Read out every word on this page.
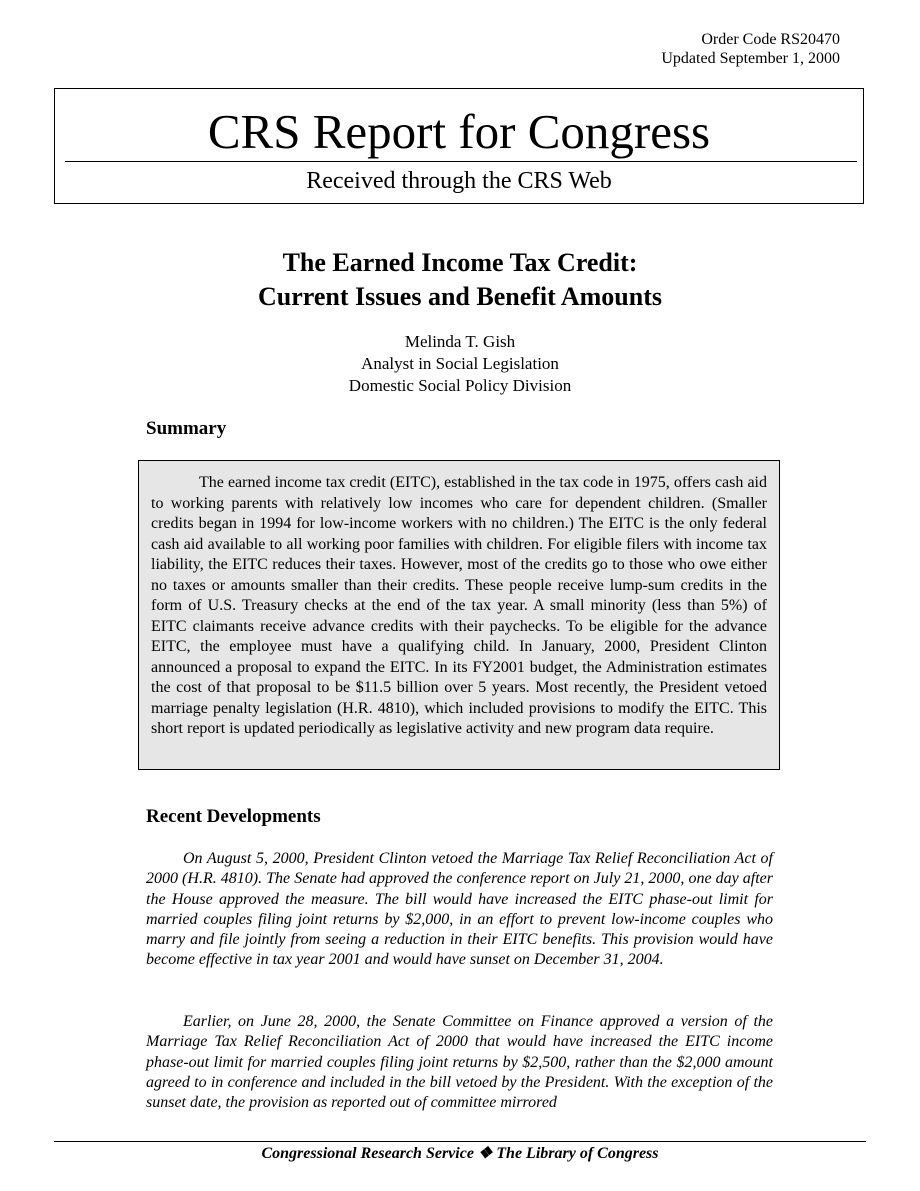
Order Code RS20470
Updated September 1, 2000
CRS Report for Congress
Received through the CRS Web
The Earned Income Tax Credit:
Current Issues and Benefit Amounts
Melinda T. Gish
Analyst in Social Legislation
Domestic Social Policy Division
Summary

The earned income tax credit (EITC), established in the tax code in 1975, offers cash aid to working parents with relatively low incomes who care for dependent children. (Smaller credits began in 1994 for low-income workers with no children.) The EITC is the only federal cash aid available to all working poor families with children. For eligible filers with income tax liability, the EITC reduces their taxes. However, most of the credits go to those who owe either no taxes or amounts smaller than their credits. These people receive lump-sum credits in the form of U.S. Treasury checks at the end of the tax year. A small minority (less than 5%) of EITC claimants receive advance credits with their paychecks. To be eligible for the advance EITC, the employee must have a qualifying child. In January, 2000, President Clinton announced a proposal to expand the EITC. In its FY2001 budget, the Administration estimates the cost of that proposal to be $11.5 billion over 5 years. Most recently, the President vetoed marriage penalty legislation (H.R. 4810), which included provisions to modify the EITC. This short report is updated periodically as legislative activity and new program data require.

Recent Developments

On August 5, 2000, President Clinton vetoed the Marriage Tax Relief Reconciliation Act of 2000 (H.R. 4810). The Senate had approved the conference report on July 21, 2000, one day after the House approved the measure. The bill would have increased the EITC phase-out limit for married couples filing joint returns by $2,000, in an effort to prevent low-income couples who marry and file jointly from seeing a reduction in their EITC benefits. This provision would have become effective in tax year 2001 and would have sunset on December 31, 2004.

Earlier, on June 28, 2000, the Senate Committee on Finance approved a version of the Marriage Tax Relief Reconciliation Act of 2000 that would have increased the EITC income phase-out limit for married couples filing joint returns by $2,500, rather than the $2,000 amount agreed to in conference and included in the bill vetoed by the President. With the exception of the sunset date, the provision as reported out of committee mirrored

Congressional Research Service ❖ The Library of Congress
